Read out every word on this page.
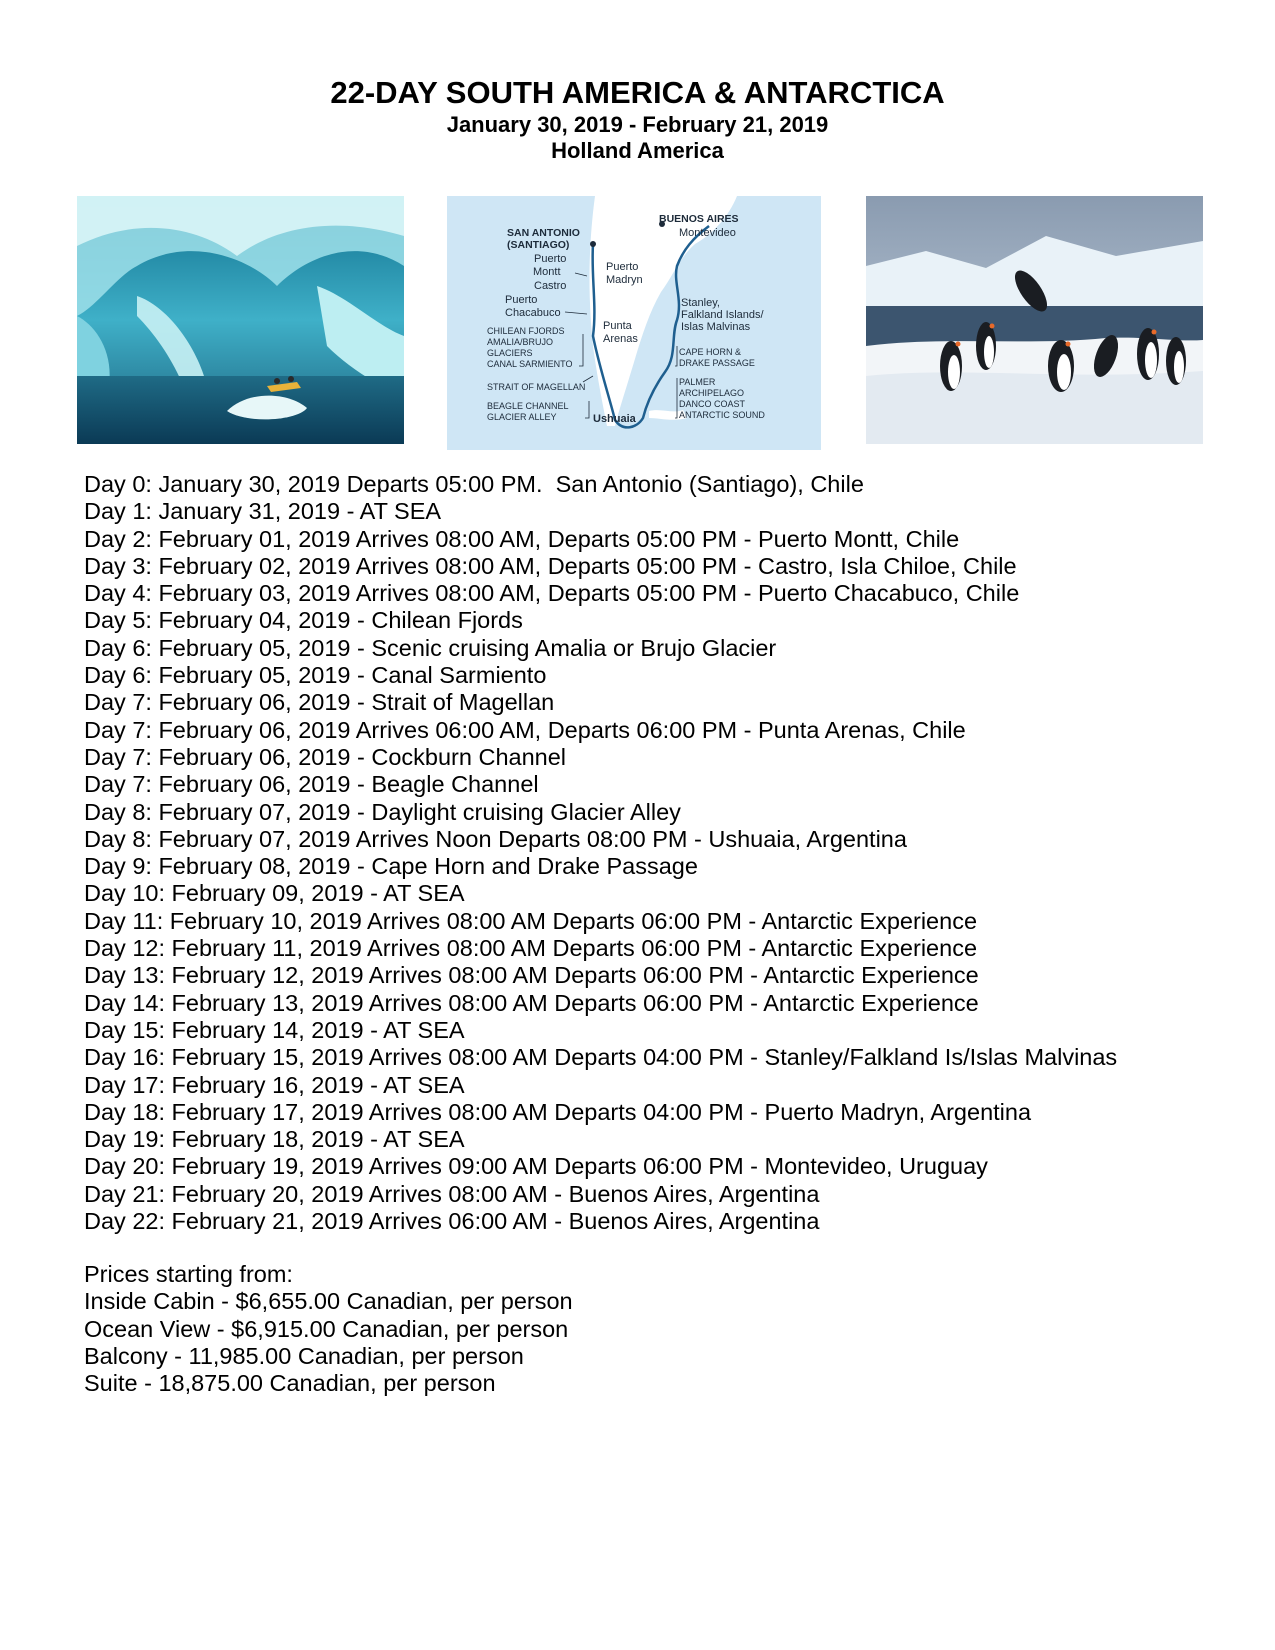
22-DAY SOUTH AMERICA & ANTARCTICA

January 30, 2019 - February 21, 2019

Holland America

SAN ANTONIO
(SANTIAGO)
BUENOS AIRES
Montevideo
Puerto
Montt
Castro
Puerto
Madryn
Puerto
Chacabuco
Stanley,
Falkland Islands/
Islas Malvinas
CHILEAN FJORDS
AMALIA/BRUJO
GLACIERS
CANAL SARMIENTO
Punta
Arenas
CAPE HORN &
DRAKE PASSAGE
STRAIT OF MAGELLAN	PALMER
ARCHIPELAGO
DANCO COAST
ANTARCTIC SOUND
BEAGLE CHANNEL
GLACIER ALLEY	Ushuaia

Day 0: January 30, 2019 Departs 05:00 PM.  San Antonio (Santiago), Chile

Day 1: January 31, 2019 - AT SEA

Day 2: February 01, 2019 Arrives 08:00 AM, Departs 05:00 PM - Puerto Montt, Chile

Day 3: February 02, 2019 Arrives 08:00 AM, Departs 05:00 PM - Castro, Isla Chiloe, Chile

Day 4: February 03, 2019 Arrives 08:00 AM, Departs 05:00 PM - Puerto Chacabuco, Chile

Day 5: February 04, 2019 - Chilean Fjords

Day 6: February 05, 2019 - Scenic cruising Amalia or Brujo Glacier

Day 6: February 05, 2019 - Canal Sarmiento

Day 7: February 06, 2019 - Strait of Magellan

Day 7: February 06, 2019 Arrives 06:00 AM, Departs 06:00 PM - Punta Arenas, Chile

Day 7: February 06, 2019 - Cockburn Channel

Day 7: February 06, 2019 - Beagle Channel

Day 8: February 07, 2019 - Daylight cruising Glacier Alley

Day 8: February 07, 2019 Arrives Noon Departs 08:00 PM - Ushuaia, Argentina

Day 9: February 08, 2019 - Cape Horn and Drake Passage

Day 10: February 09, 2019 - AT SEA

Day 11: February 10, 2019 Arrives 08:00 AM Departs 06:00 PM - Antarctic Experience

Day 12: February 11, 2019 Arrives 08:00 AM Departs 06:00 PM - Antarctic Experience

Day 13: February 12, 2019 Arrives 08:00 AM Departs 06:00 PM - Antarctic Experience

Day 14: February 13, 2019 Arrives 08:00 AM Departs 06:00 PM - Antarctic Experience

Day 15: February 14, 2019 - AT SEA

Day 16: February 15, 2019 Arrives 08:00 AM Departs 04:00 PM - Stanley/Falkland Is/Islas Malvinas

Day 17: February 16, 2019 - AT SEA

Day 18: February 17, 2019 Arrives 08:00 AM Departs 04:00 PM - Puerto Madryn, Argentina

Day 19: February 18, 2019 - AT SEA

Day 20: February 19, 2019 Arrives 09:00 AM Departs 06:00 PM - Montevideo, Uruguay

Day 21: February 20, 2019 Arrives 08:00 AM - Buenos Aires, Argentina

Day 22: February 21, 2019 Arrives 06:00 AM - Buenos Aires, Argentina

Prices starting from:

Inside Cabin - $6,655.00 Canadian, per person

Ocean View - $6,915.00 Canadian, per person

Balcony - 11,985.00 Canadian, per person

Suite - 18,875.00 Canadian, per person
